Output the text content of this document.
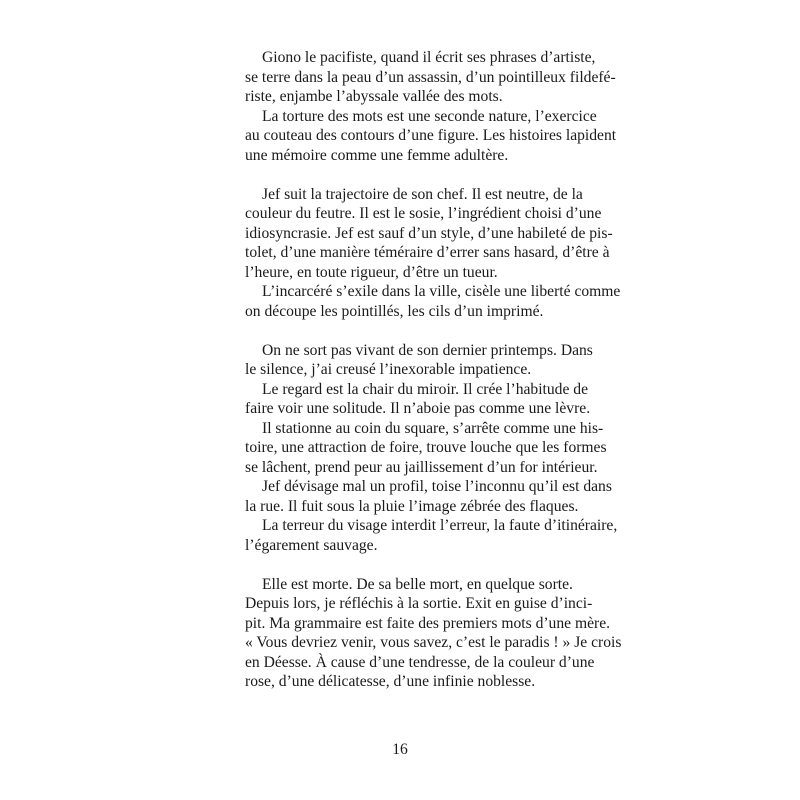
Giono le pacifiste, quand il écrit ses phrases d’artiste,
se terre dans la peau d’un assassin, d’un pointilleux fildefé-
riste, enjambe l’abyssale vallée des mots.

La torture des mots est une seconde nature, l’exercice
au couteau des contours d’une figure. Les histoires lapident
une mémoire comme une femme adultère.

Jef suit la trajectoire de son chef. Il est neutre, de la
couleur du feutre. Il est le sosie, l’ingrédient choisi d’une
idiosyncrasie. Jef est sauf d’un style, d’une habileté de pis-
tolet, d’une manière téméraire d’errer sans hasard, d’être à
l’heure, en toute rigueur, d’être un tueur.

L’incarcéré s’exile dans la ville, cisèle une liberté comme
on découpe les pointillés, les cils d’un imprimé.

On ne sort pas vivant de son dernier printemps. Dans
le silence, j’ai creusé l’inexorable impatience.

Le regard est la chair du miroir. Il crée l’habitude de
faire voir une solitude. Il n’aboie pas comme une lèvre.

Il stationne au coin du square, s’arrête comme une his-
toire, une attraction de foire, trouve louche que les formes
se lâchent, prend peur au jaillissement d’un for intérieur.

Jef dévisage mal un profil, toise l’inconnu qu’il est dans
la rue. Il fuit sous la pluie l’image zébrée des flaques.

La terreur du visage interdit l’erreur, la faute d’itinéraire,
l’égarement sauvage.

Elle est morte. De sa belle mort, en quelque sorte.
Depuis lors, je réfléchis à la sortie. Exit en guise d’inci-
pit. Ma grammaire est faite des premiers mots d’une mère.
« Vous devriez venir, vous savez, c’est le paradis ! » Je crois
en Déesse. À cause d’une tendresse, de la couleur d’une
rose, d’une délicatesse, d’une infinie noblesse.

16
